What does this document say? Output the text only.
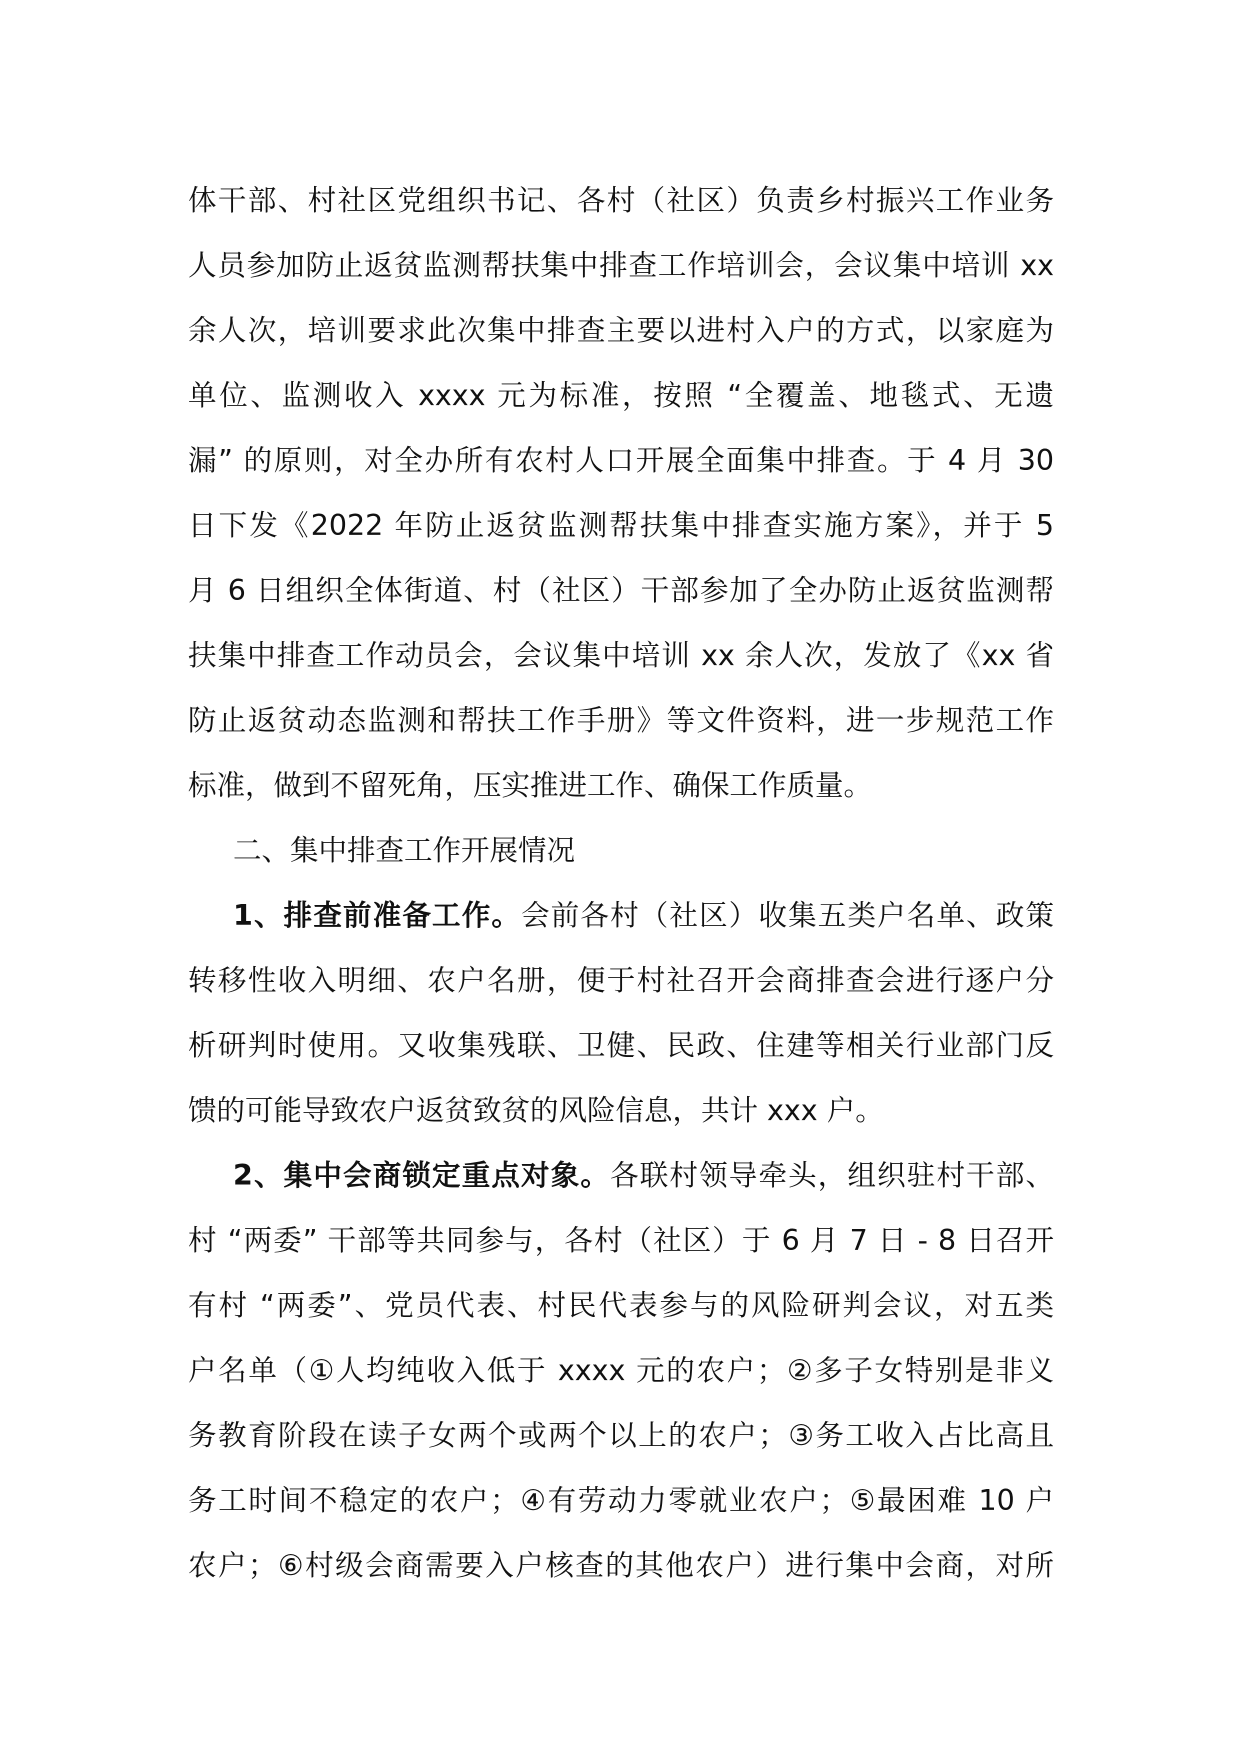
体干部、村社区党组织书记、各村（社区）负责乡村振兴工作业务
人员参加防止返贫监测帮扶集中排查工作培训会，会议集中培训 xx
余人次，培训要求此次集中排查主要以进村入户的方式，以家庭为
单位、监测收入 xxxx 元为标准，按照 “全覆盖、地毯式、无遗
漏” 的原则，对全办所有农村人口开展全面集中排查。于 4 月 30
日下发《2022 年防止返贫监测帮扶集中排查实施方案》，并于 5
月 6 日组织全体街道、村（社区）干部参加了全办防止返贫监测帮
扶集中排查工作动员会，会议集中培训 xx 余人次，发放了《xx 省
防止返贫动态监测和帮扶工作手册》等文件资料，进一步规范工作
标准，做到不留死角，压实推进工作、确保工作质量。
二、集中排查工作开展情况
1、排查前准备工作。会前各村（社区）收集五类户名单、政策
转移性收入明细、农户名册，便于村社召开会商排查会进行逐户分
析研判时使用。又收集残联、卫健、民政、住建等相关行业部门反
馈的可能导致农户返贫致贫的风险信息，共计 xxx 户。
2、集中会商锁定重点对象。各联村领导牵头，组织驻村干部、
村 “两委” 干部等共同参与，各村（社区）于 6 月 7 日 - 8 日召开
有村 “两委”、党员代表、村民代表参与的风险研判会议，对五类
户名单（①人均纯收入低于 xxxx 元的农户；②多子女特别是非义
务教育阶段在读子女两个或两个以上的农户；③务工收入占比高且
务工时间不稳定的农户；④有劳动力零就业农户；⑤最困难 10 户
农户；⑥村级会商需要入户核查的其他农户）进行集中会商，对所
